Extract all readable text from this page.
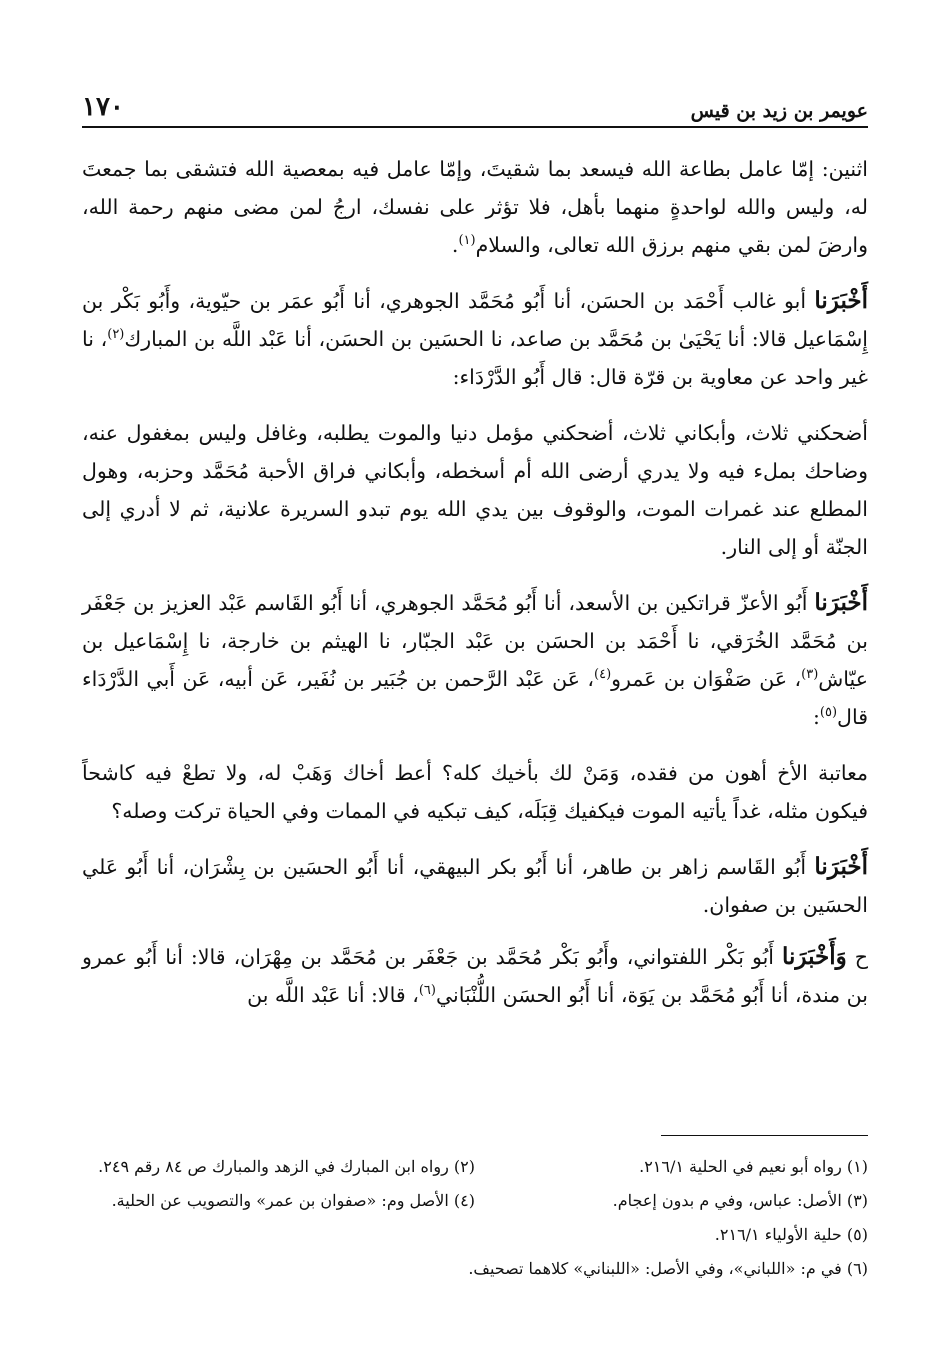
عويمر بن زيد بن قيس
١٧٠

اثنين: إمّا عامل بطاعة الله فيسعد بما شقيتَ، وإمّا عامل فيه بمعصية الله فتشقى بما جمعتَ له، وليس والله لواحدةٍ منهما بأهل، فلا تؤثر على نفسك، ارجُ لمن مضى منهم رحمة الله، وارضَ لمن بقي منهم برزق الله تعالى، والسلام$^{(١)}$.

أَخْبَرَنا أبو غالب أَحْمَد بن الحسَن، أنا أَبُو مُحَمَّد الجوهري، أنا أَبُو عمَر بن حيّوية، وأَبُو بَكْر بن إِسْمَاعيل قالا: أنا يَحْيَىٰ بن مُحَمَّد بن صاعد، نا الحسَين بن الحسَن، أنا عَبْد اللَّه بن المبارك$^{(٢)}$، نا غير واحد عن معاوية بن قرّة قال: قال أَبُو الدَّرْدَاء:

أضحكني ثلاث، وأبكاني ثلاث، أضحكني مؤمل دنيا والموت يطلبه، وغافل وليس بمغفول عنه، وضاحك بملء فيه ولا يدري أرضى الله أم أسخطه، وأبكاني فراق الأحبة مُحَمَّد وحزبه، وهول المطلع عند غمرات الموت، والوقوف بين يدي الله يوم تبدو السريرة علانية، ثم لا أدري إلى الجنّة أو إلى النار.

أَخْبَرَنا أَبُو الأعزّ قراتكين بن الأسعد، أنا أَبُو مُحَمَّد الجوهري، أنا أَبُو القَاسم عَبْد العزيز بن جَعْفَر بن مُحَمَّد الخُرَقي، نا أَحْمَد بن الحسَن بن عَبْد الجبّار، نا الهيثم بن خارجة، نا إِسْمَاعيل بن عيّاش$^{(٣)}$، عَن صَفْوَان بن عَمرو$^{(٤)}$، عَن عَبْد الرَّحمن بن جُبَير بن نُفَير، عَن أبيه، عَن أَبي الدَّرْدَاء قال$^{(٥)}$:

معاتبة الأخ أهون من فقده، وَمَنْ لك بأخيك كله؟ أعط أخاك وَهَبْ له، ولا تطعْ فيه كاشحاً فيكون مثله، غداً يأتيه الموت فيكفيك قِبَلَه، كيف تبكيه في الممات وفي الحياة تركت وصله؟

أَخْبَرَنا أَبُو القَاسم زاهر بن طاهر، أنا أَبُو بكر البيهقي، أنا أَبُو الحسَين بن بِشْرَان، أنا أَبُو عَلي الحسَين بن صفوان.

ح وَأَخْبَرَنا أَبُو بَكْر اللفتواني، وأَبُو بَكْر مُحَمَّد بن جَعْفَر بن مُحَمَّد بن مِهْرَان، قالا: أنا أَبُو عمرو بن مندة، أنا أَبُو مُحَمَّد بن يَوَة، أنا أَبُو الحسَن اللُّنْبَاني$^{(٦)}$، قالا: أنا عَبْد اللَّه بن

(١) رواه أبو نعيم في الحلية ٢١٦/١.
(٢) رواه ابن المبارك في الزهد والمبارك ص ٨٤ رقم ٢٤٩.
(٣) الأصل: عباس، وفي م بدون إعجام.
(٤) الأصل وم: «صفوان بن عمر» والتصويب عن الحلية.
(٥) حلية الأولياء ٢١٦/١.
(٦) في م: «اللباني»، وفي الأصل: «اللبناني» كلاهما تصحيف.
